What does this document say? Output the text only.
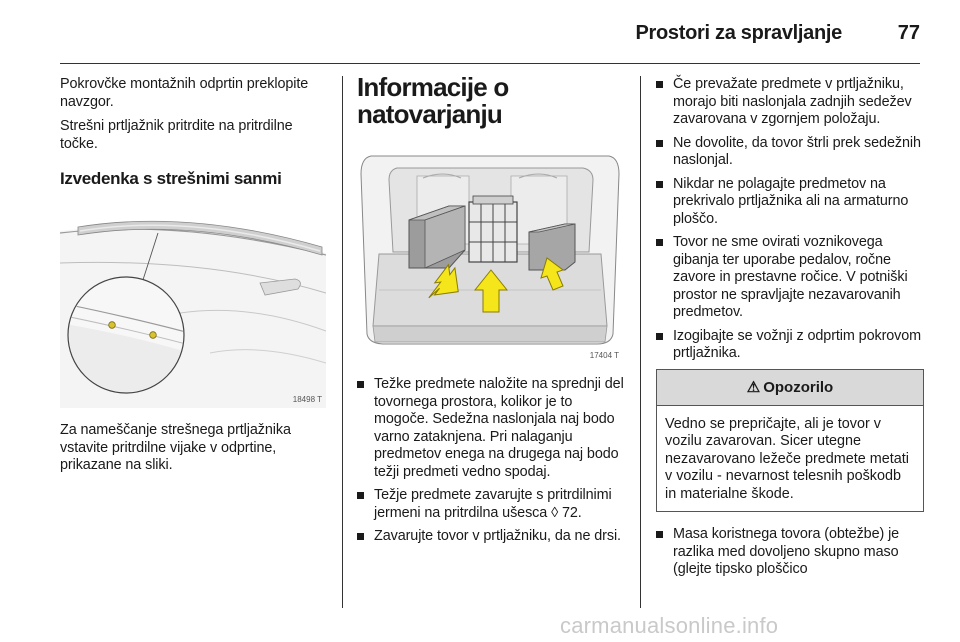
Prostori za spravljanje	77

Pokrovčke montažnih odprtin preklopite navzgor.

Strešni prtljažnik pritrdite na pritrdilne točke.

Izvedenka s strešnimi sanmi
18498 T

Za nameščanje strešnega prtljažnika vstavite pritrdilne vijake v odprtine, prikazane na sliki.

Informacije o natovarjanju
17404 T
Težke predmete naložite na sprednji del tovornega prostora, kolikor je to mogoče. Sedežna naslonjala naj bodo varno zataknjena. Pri nalaganju predmetov enega na drugega naj bodo težji predmeti vedno spodaj.
Težje predmete zavarujte s pritrdilnimi jermeni na pritrdilna ušesca ◊ 72.
Zavarujte tovor v prtljažniku, da ne drsi.
Če prevažate predmete v prtljažniku, morajo biti naslonjala zadnjih sedežev zavarovana v zgornjem položaju.
Ne dovolite, da tovor štrli prek sedežnih naslonjal.
Nikdar ne polagajte predmetov na prekrivalo prtljažnika ali na armaturno ploščo.
Tovor ne sme ovirati voznikovega gibanja ter uporabe pedalov, ročne zavore in prestavne ročice. V potniški prostor ne spravljajte nezavarovanih predmetov.
Izogibajte se vožnji z odprtim pokrovom prtljažnika.
⚠ Opozorilo
Vedno se prepričajte, ali je tovor v vozilu zavarovan. Sicer utegne nezavarovano ležeče predmete metati v vozilu - nevarnost telesnih poškodb in materialne škode.
Masa koristnega tovora (obtežbe) je razlika med dovoljeno skupno maso (glejte tipsko ploščico
carmanualsonline.info
